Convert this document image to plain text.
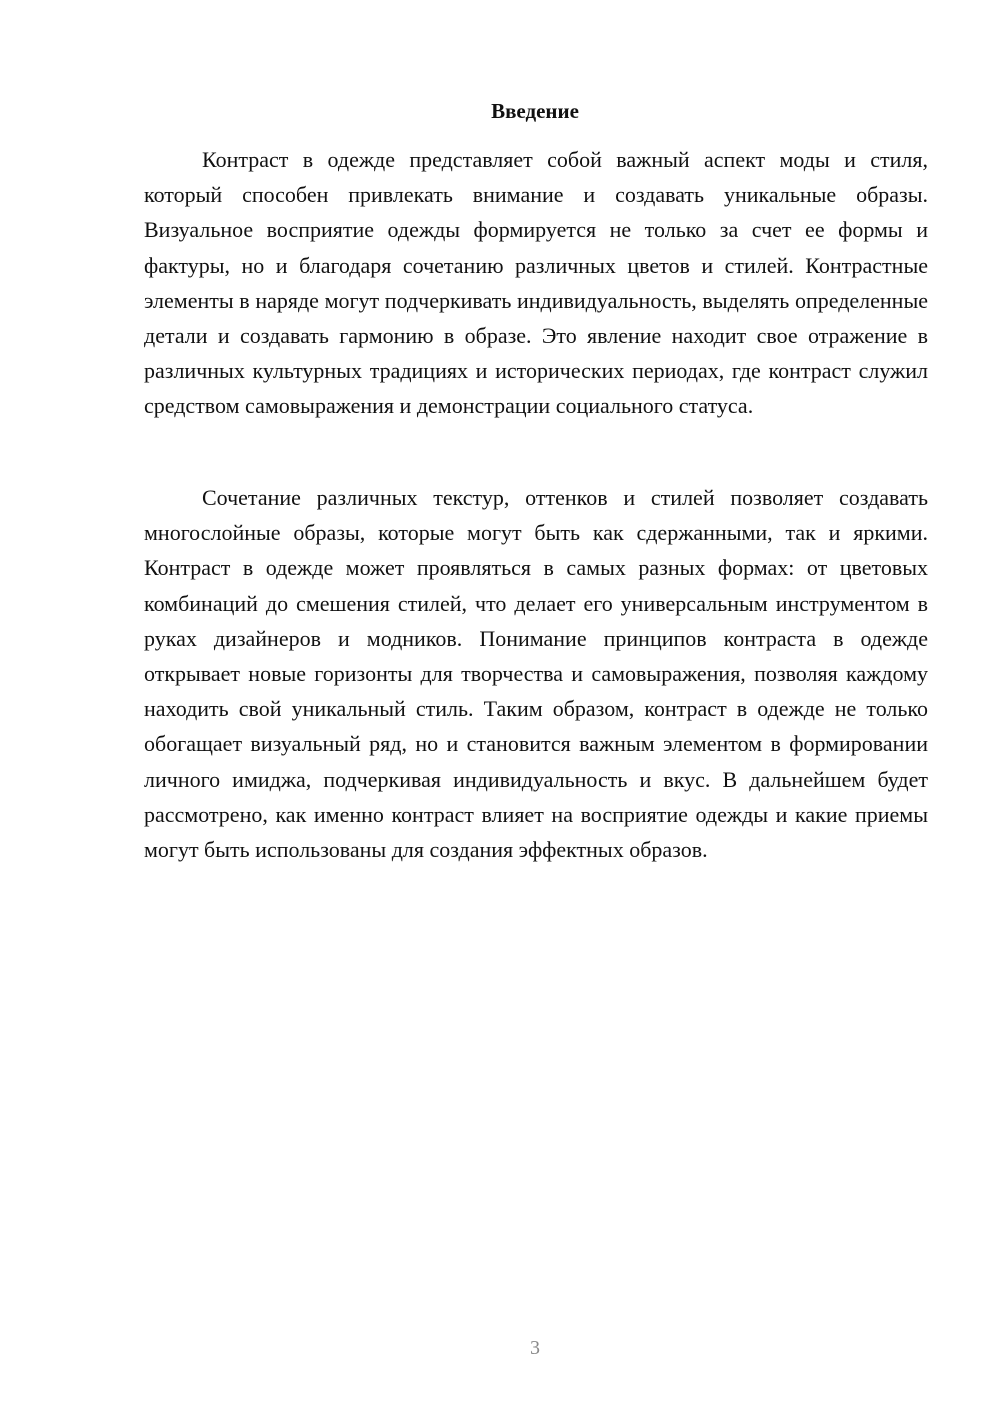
Введение

Контраст в одежде представляет собой важный аспект моды и стиля, который способен привлекать внимание и создавать уникальные образы. Визуальное восприятие одежды формируется не только за счет ее формы и фактуры, но и благодаря сочетанию различных цветов и стилей. Контрастные элементы в наряде могут подчеркивать индивидуальность, выделять определенные детали и создавать гармонию в образе. Это явление находит свое отражение в различных культурных традициях и исторических периодах, где контраст служил средством самовыражения и демонстрации социального статуса.

Сочетание различных текстур, оттенков и стилей позволяет создавать многослойные образы, которые могут быть как сдержанными, так и яркими. Контраст в одежде может проявляться в самых разных формах: от цветовых комбинаций до смешения стилей, что делает его универсальным инструментом в руках дизайнеров и модников. Понимание принципов контраста в одежде открывает новые горизонты для творчества и самовыражения, позволяя каждому находить свой уникальный стиль. Таким образом, контраст в одежде не только обогащает визуальный ряд, но и становится важным элементом в формировании личного имиджа, подчеркивая индивидуальность и вкус. В дальнейшем будет рассмотрено, как именно контраст влияет на восприятие одежды и какие приемы могут быть использованы для создания эффектных образов.

3
